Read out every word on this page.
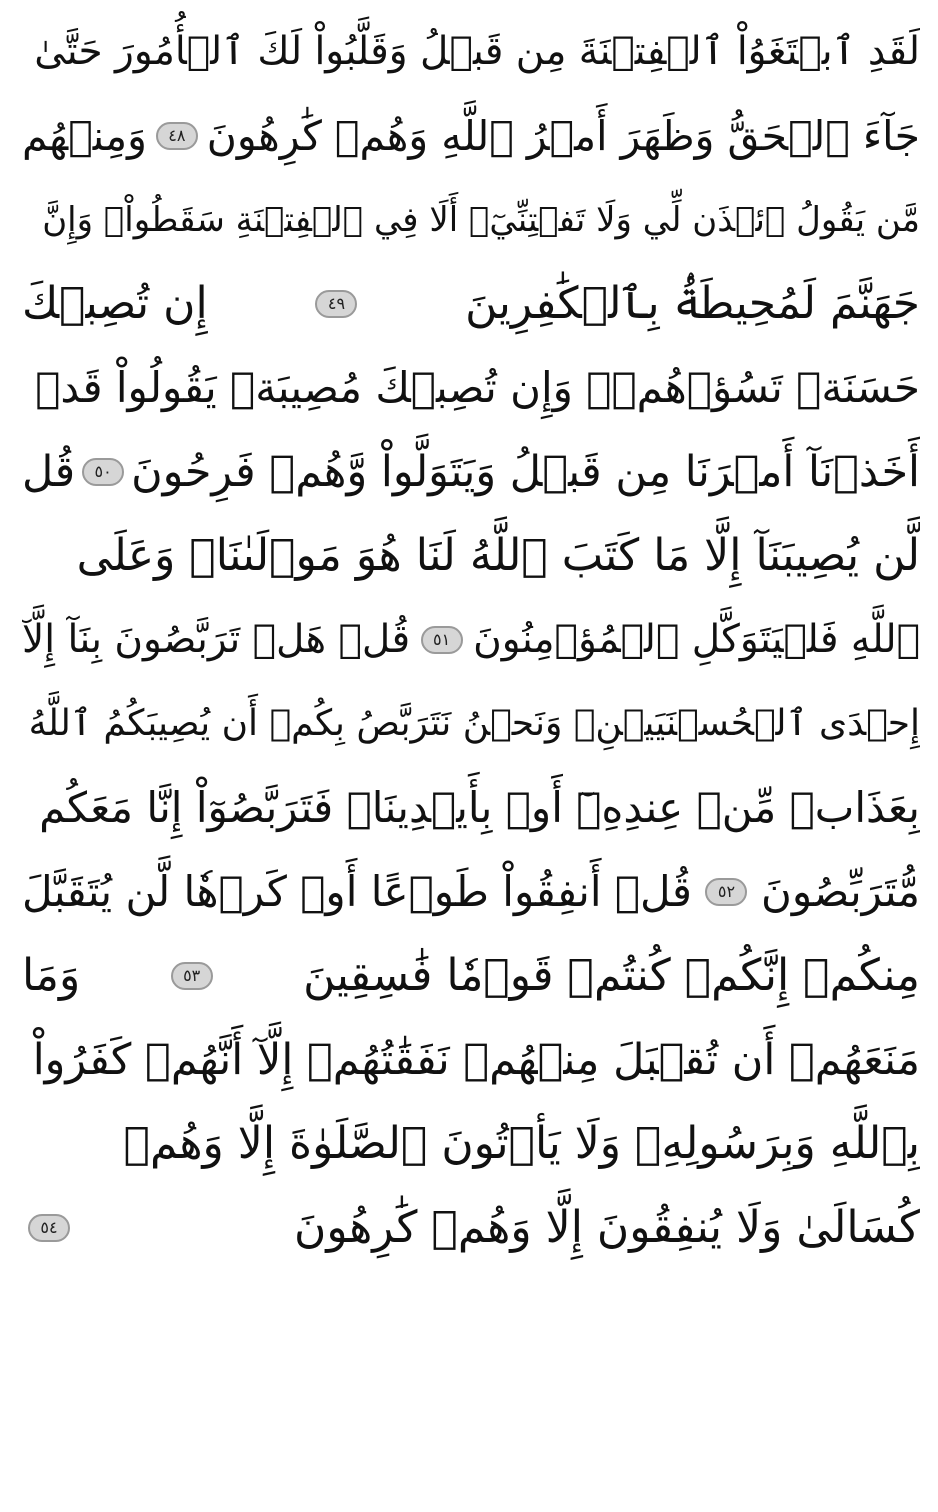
لَقَدِ ٱبۡتَغَوُاْ ٱلۡفِتۡنَةَ مِن قَبۡلُ وَقَلَّبُواْ لَكَ ٱلۡأُمُورَ حَتَّىٰ
جَآءَ ٱلۡحَقُّ وَظَهَرَ أَمۡرُ ٱللَّهِ وَهُمۡ كَٰرِهُونَ
٤٨
وَمِنۡهُم
مَّن يَقُولُ ٱئۡذَن لِّي وَلَا تَفۡتِنِّيٓۚ أَلَا فِي ٱلۡفِتۡنَةِ سَقَطُواْۗ وَإِنَّ
جَهَنَّمَ لَمُحِيطَةُۢ بِٱلۡكَٰفِرِينَ
٤٩
إِن تُصِبۡكَ
حَسَنَةٞ تَسُؤۡهُمۡۖ وَإِن تُصِبۡكَ مُصِيبَةٞ يَقُولُواْ قَدۡ
أَخَذۡنَآ أَمۡرَنَا مِن قَبۡلُ وَيَتَوَلَّواْ وَّهُمۡ فَرِحُونَ
٥٠
قُل
لَّن يُصِيبَنَآ إِلَّا مَا كَتَبَ ٱللَّهُ لَنَا هُوَ مَوۡلَىٰنَاۚ وَعَلَى
ٱللَّهِ فَلۡيَتَوَكَّلِ ٱلۡمُؤۡمِنُونَ
٥١
قُلۡ هَلۡ تَرَبَّصُونَ بِنَآ إِلَّآ
إِحۡدَى ٱلۡحُسۡنَيَيۡنِۖ وَنَحۡنُ نَتَرَبَّصُ بِكُمۡ أَن يُصِيبَكُمُ ٱللَّهُ
بِعَذَابٖ مِّنۡ عِندِهِۦٓ أَوۡ بِأَيۡدِينَاۖ فَتَرَبَّصُوٓاْ إِنَّا مَعَكُم
مُّتَرَبِّصُونَ
٥٢
قُلۡ أَنفِقُواْ طَوۡعًا أَوۡ كَرۡهٗا لَّن يُتَقَبَّلَ
مِنكُمۡ إِنَّكُمۡ كُنتُمۡ قَوۡمٗا فَٰسِقِينَ
٥٣
وَمَا
مَنَعَهُمۡ أَن تُقۡبَلَ مِنۡهُمۡ نَفَقَٰتُهُمۡ إِلَّآ أَنَّهُمۡ كَفَرُواْ
بِٱللَّهِ وَبِرَسُولِهِۦ وَلَا يَأۡتُونَ ٱلصَّلَوٰةَ إِلَّا وَهُمۡ
كُسَالَىٰ وَلَا يُنفِقُونَ إِلَّا وَهُمۡ كَٰرِهُونَ
٥٤
